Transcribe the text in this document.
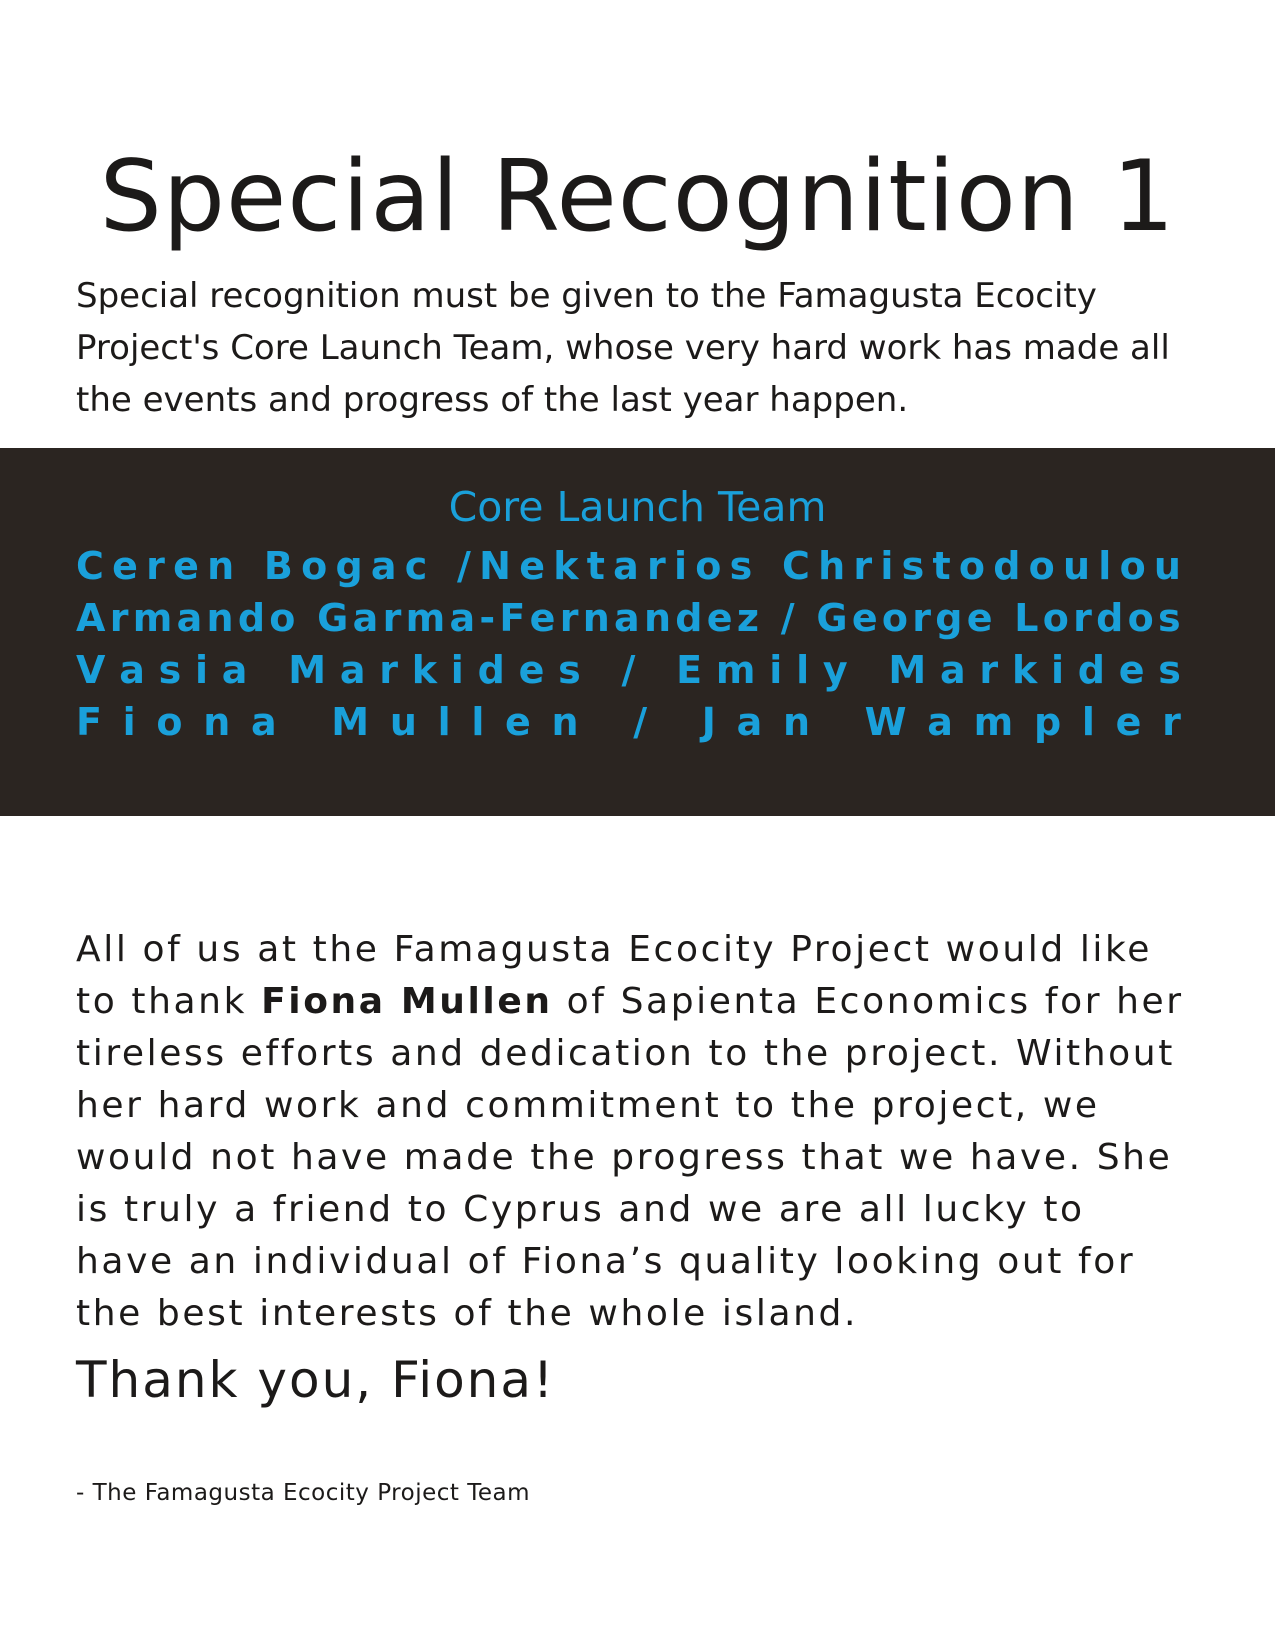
Special Recognition 1

Special recognition must be given to the Famagusta Ecocity Project's Core Launch Team, whose very hard work has made all the events and progress of the last year happen.

Core Launch Team
C e r e n
B o g a c
/ N e k t a r i o s
C h r i s t o d o u l o u
A r m a n d o
G a r m a - F e r n a n d e z
/
G e o r g e
L o r d o s
V a s i a
M a r k i d e s
/
E m i l y
M a r k i d e s
F i o n a
M u l l e n
/
J a n
W a m p l e r

All of us at the Famagusta Ecocity Project would like to thank Fiona Mullen of Sapienta Economics for her tireless efforts and dedication to the project. Without her hard work and commitment to the project, we would not have made the progress that we have. She is truly a friend to Cyprus and we are all lucky to have an individual of Fiona’s quality looking out for the best interests of the whole island.

Thank you, Fiona!
- The Famagusta Ecocity Project Team
